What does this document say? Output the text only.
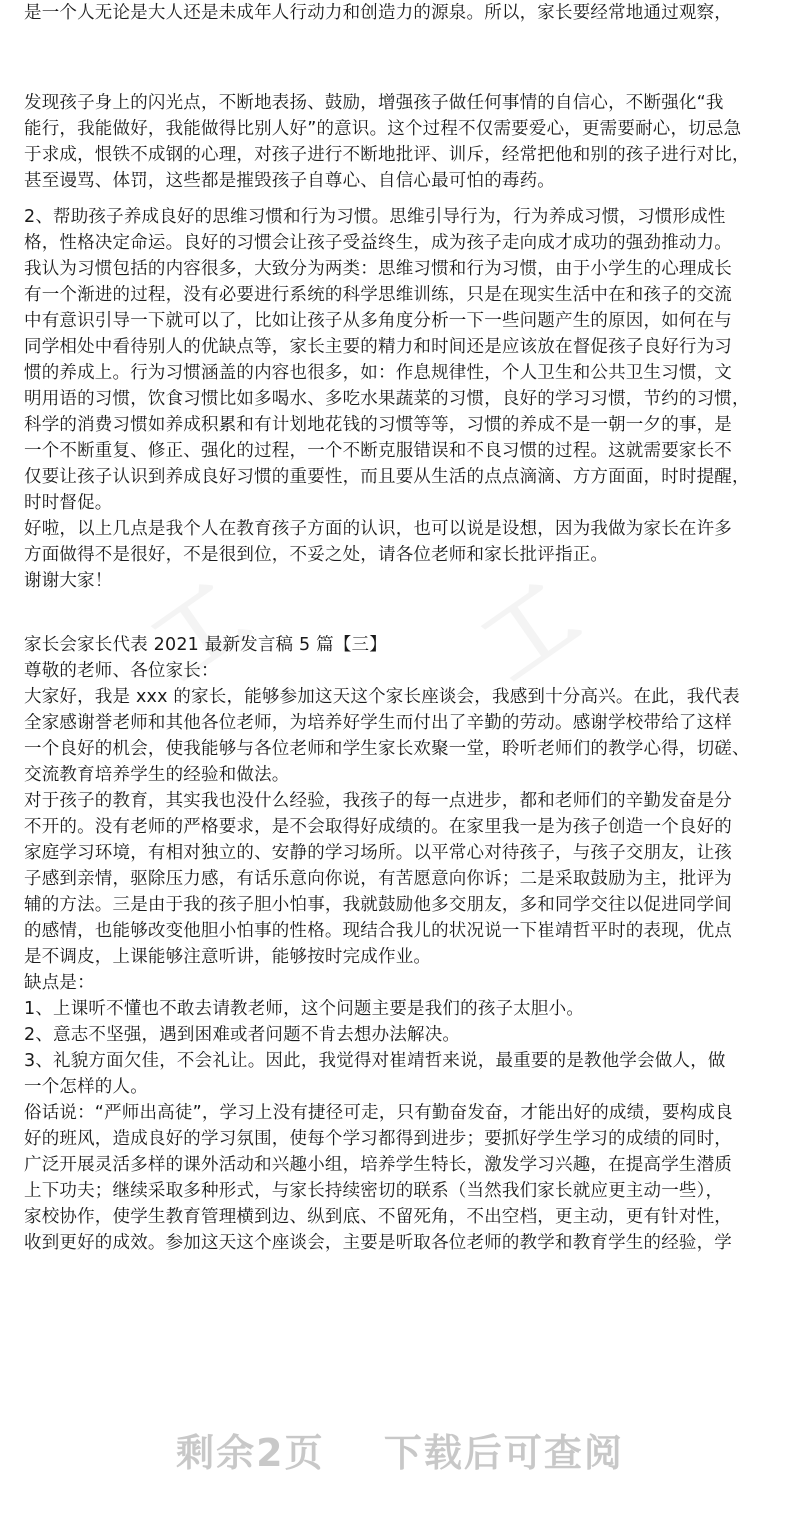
是一个人无论是大人还是未成年人行动力和创造力的源泉。所以，家长要经常地通过观察，
发现孩子身上的闪光点，不断地表扬、鼓励，增强孩子做任何事情的自信心，不断强化“我
能行，我能做好，我能做得比别人好”的意识。这个过程不仅需要爱心，更需要耐心，切忌急
于求成，恨铁不成钢的心理，对孩子进行不断地批评、训斥，经常把他和别的孩子进行对比，
甚至谩骂、体罚，这些都是摧毁孩子自尊心、自信心最可怕的毒药。
2、帮助孩子养成良好的思维习惯和行为习惯。思维引导行为，行为养成习惯，习惯形成性
格，性格决定命运。良好的习惯会让孩子受益终生，成为孩子走向成才成功的强劲推动力。
我认为习惯包括的内容很多，大致分为两类：思维习惯和行为习惯，由于小学生的心理成长
有一个渐进的过程，没有必要进行系统的科学思维训练，只是在现实生活中在和孩子的交流
中有意识引导一下就可以了，比如让孩子从多角度分析一下一些问题产生的原因，如何在与
同学相处中看待别人的优缺点等，家长主要的精力和时间还是应该放在督促孩子良好行为习
惯的养成上。行为习惯涵盖的内容也很多，如：作息规律性，个人卫生和公共卫生习惯，文
明用语的习惯，饮食习惯比如多喝水、多吃水果蔬菜的习惯，良好的学习习惯，节约的习惯，
科学的消费习惯如养成积累和有计划地花钱的习惯等等，习惯的养成不是一朝一夕的事，是
一个不断重复、修正、强化的过程，一个不断克服错误和不良习惯的过程。这就需要家长不
仅要让孩子认识到养成良好习惯的重要性，而且要从生活的点点滴滴、方方面面，时时提醒，
时时督促。
好啦，以上几点是我个人在教育孩子方面的认识，也可以说是设想，因为我做为家长在许多
方面做得不是很好，不是很到位，不妥之处，请各位老师和家长批评指正。
谢谢大家！
家长会家长代表 2021 最新发言稿 5 篇【三】
尊敬的老师、各位家长：
大家好，我是 xxx 的家长，能够参加这天这个家长座谈会，我感到十分高兴。在此，我代表
全家感谢誉老师和其他各位老师，为培养好学生而付出了辛勤的劳动。感谢学校带给了这样
一个良好的机会，使我能够与各位老师和学生家长欢聚一堂，聆听老师们的教学心得，切磋、
交流教育培养学生的经验和做法。
对于孩子的教育，其实我也没什么经验，我孩子的每一点进步，都和老师们的辛勤发奋是分
不开的。没有老师的严格要求，是不会取得好成绩的。在家里我一是为孩子创造一个良好的
家庭学习环境，有相对独立的、安静的学习场所。以平常心对待孩子，与孩子交朋友，让孩
子感到亲情，驱除压力感，有话乐意向你说，有苦愿意向你诉；二是采取鼓励为主，批评为
辅的方法。三是由于我的孩子胆小怕事，我就鼓励他多交朋友，多和同学交往以促进同学间
的感情，也能够改变他胆小怕事的性格。现结合我儿的状况说一下崔靖哲平时的表现，优点
是不调皮，上课能够注意听讲，能够按时完成作业。
缺点是：
1、上课听不懂也不敢去请教老师，这个问题主要是我们的孩子太胆小。
2、意志不坚强，遇到困难或者问题不肯去想办法解决。
3、礼貌方面欠佳，不会礼让。因此，我觉得对崔靖哲来说，最重要的是教他学会做人，做
一个怎样的人。
俗话说：“严师出高徒”，学习上没有捷径可走，只有勤奋发奋，才能出好的成绩，要构成良
好的班风，造成良好的学习氛围，使每个学习都得到进步；要抓好学生学习的成绩的同时，
广泛开展灵活多样的课外活动和兴趣小组，培养学生特长，激发学习兴趣，在提高学生潜质
上下功夫；继续采取多种形式，与家长持续密切的联系（当然我们家长就应更主动一些），
家校协作，使学生教育管理横到边、纵到底、不留死角，不出空档，更主动，更有针对性，
收到更好的成效。参加这天这个座谈会，主要是听取各位老师的教学和教育学生的经验，学
剩余2页 下载后可查阅
